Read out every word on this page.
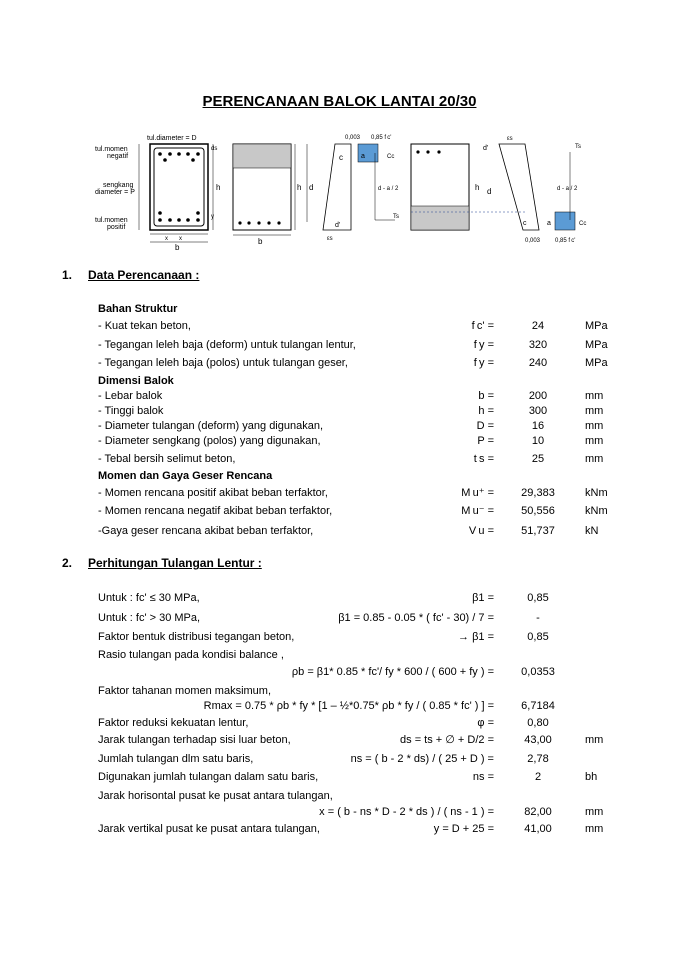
PERENCANAAN BALOK LANTAI 20/30
tul.diameter = D
tul.momen
negatif
sengkang
diameter = P
tul.momen
positif
h
ds
y
x x
b
b
h d
0,003
c
d'
εs
0,85 f c'
a	Cc
d - a / 2
Ts
h d
d'
εs
c
0,003
a	Cc
Ts
d - a / 2
0,85 f c'
1. Data Perencanaan :
Bahan Struktur
Dimensi Balok
Momen dan Gaya Geser Rencana
- Kuat tekan beton,	f c' =	24	MPa
- Tegangan leleh baja (deform) untuk tulangan lentur,	f y =	320	MPa
- Tegangan leleh baja (polos) untuk tulangan geser,	f y =	240	MPa
- Lebar balok	b =	200	mm
- Tinggi balok	h =	300	mm
- Diameter tulangan (deform) yang digunakan,	D =	16	mm
- Diameter sengkang (polos) yang digunakan,	P =	10	mm
- Tebal bersih selimut beton,	t s =	25	mm
- Momen rencana positif akibat beban terfaktor,	M u⁺ =	29,383	kNm
- Momen rencana negatif akibat beban terfaktor,	M u⁻ =	50,556	kNm
-Gaya geser rencana akibat beban terfaktor,	V u =	51,737	kN
2. Perhitungan Tulangan Lentur :
Untuk : fc' ≤ 30 MPa,	β1 =	0,85
Untuk : fc' > 30 MPa,	β1 = 0.85 - 0.05 * ( fc' - 30) / 7 =	-
Faktor bentuk distribusi tegangan beton,	→ β1 =	0,85
Rasio tulangan pada kondisi balance ,
ρb = β1* 0.85 * fc'/ fy * 600 / ( 600 + fy ) =	0,0353
Faktor tahanan momen maksimum,
Rmax = 0.75 * ρb * fy * [1 – ½*0.75* ρb * fy / ( 0.85 * fc' ) ] =	6,7184
Faktor reduksi kekuatan lentur,	φ =	0,80
Jarak tulangan terhadap sisi luar beton,	ds = ts + ∅ + D/2 =	43,00	mm
Jumlah tulangan dlm satu baris,	ns = ( b - 2 * ds) / ( 25 + D ) =	2,78
Digunakan jumlah tulangan dalam satu baris,	ns =	2	bh
Jarak horisontal pusat ke pusat antara tulangan,
x = ( b - ns * D - 2 * ds ) / ( ns - 1 ) =	82,00	mm
Jarak vertikal pusat ke pusat antara tulangan,	y = D + 25 =	41,00	mm
